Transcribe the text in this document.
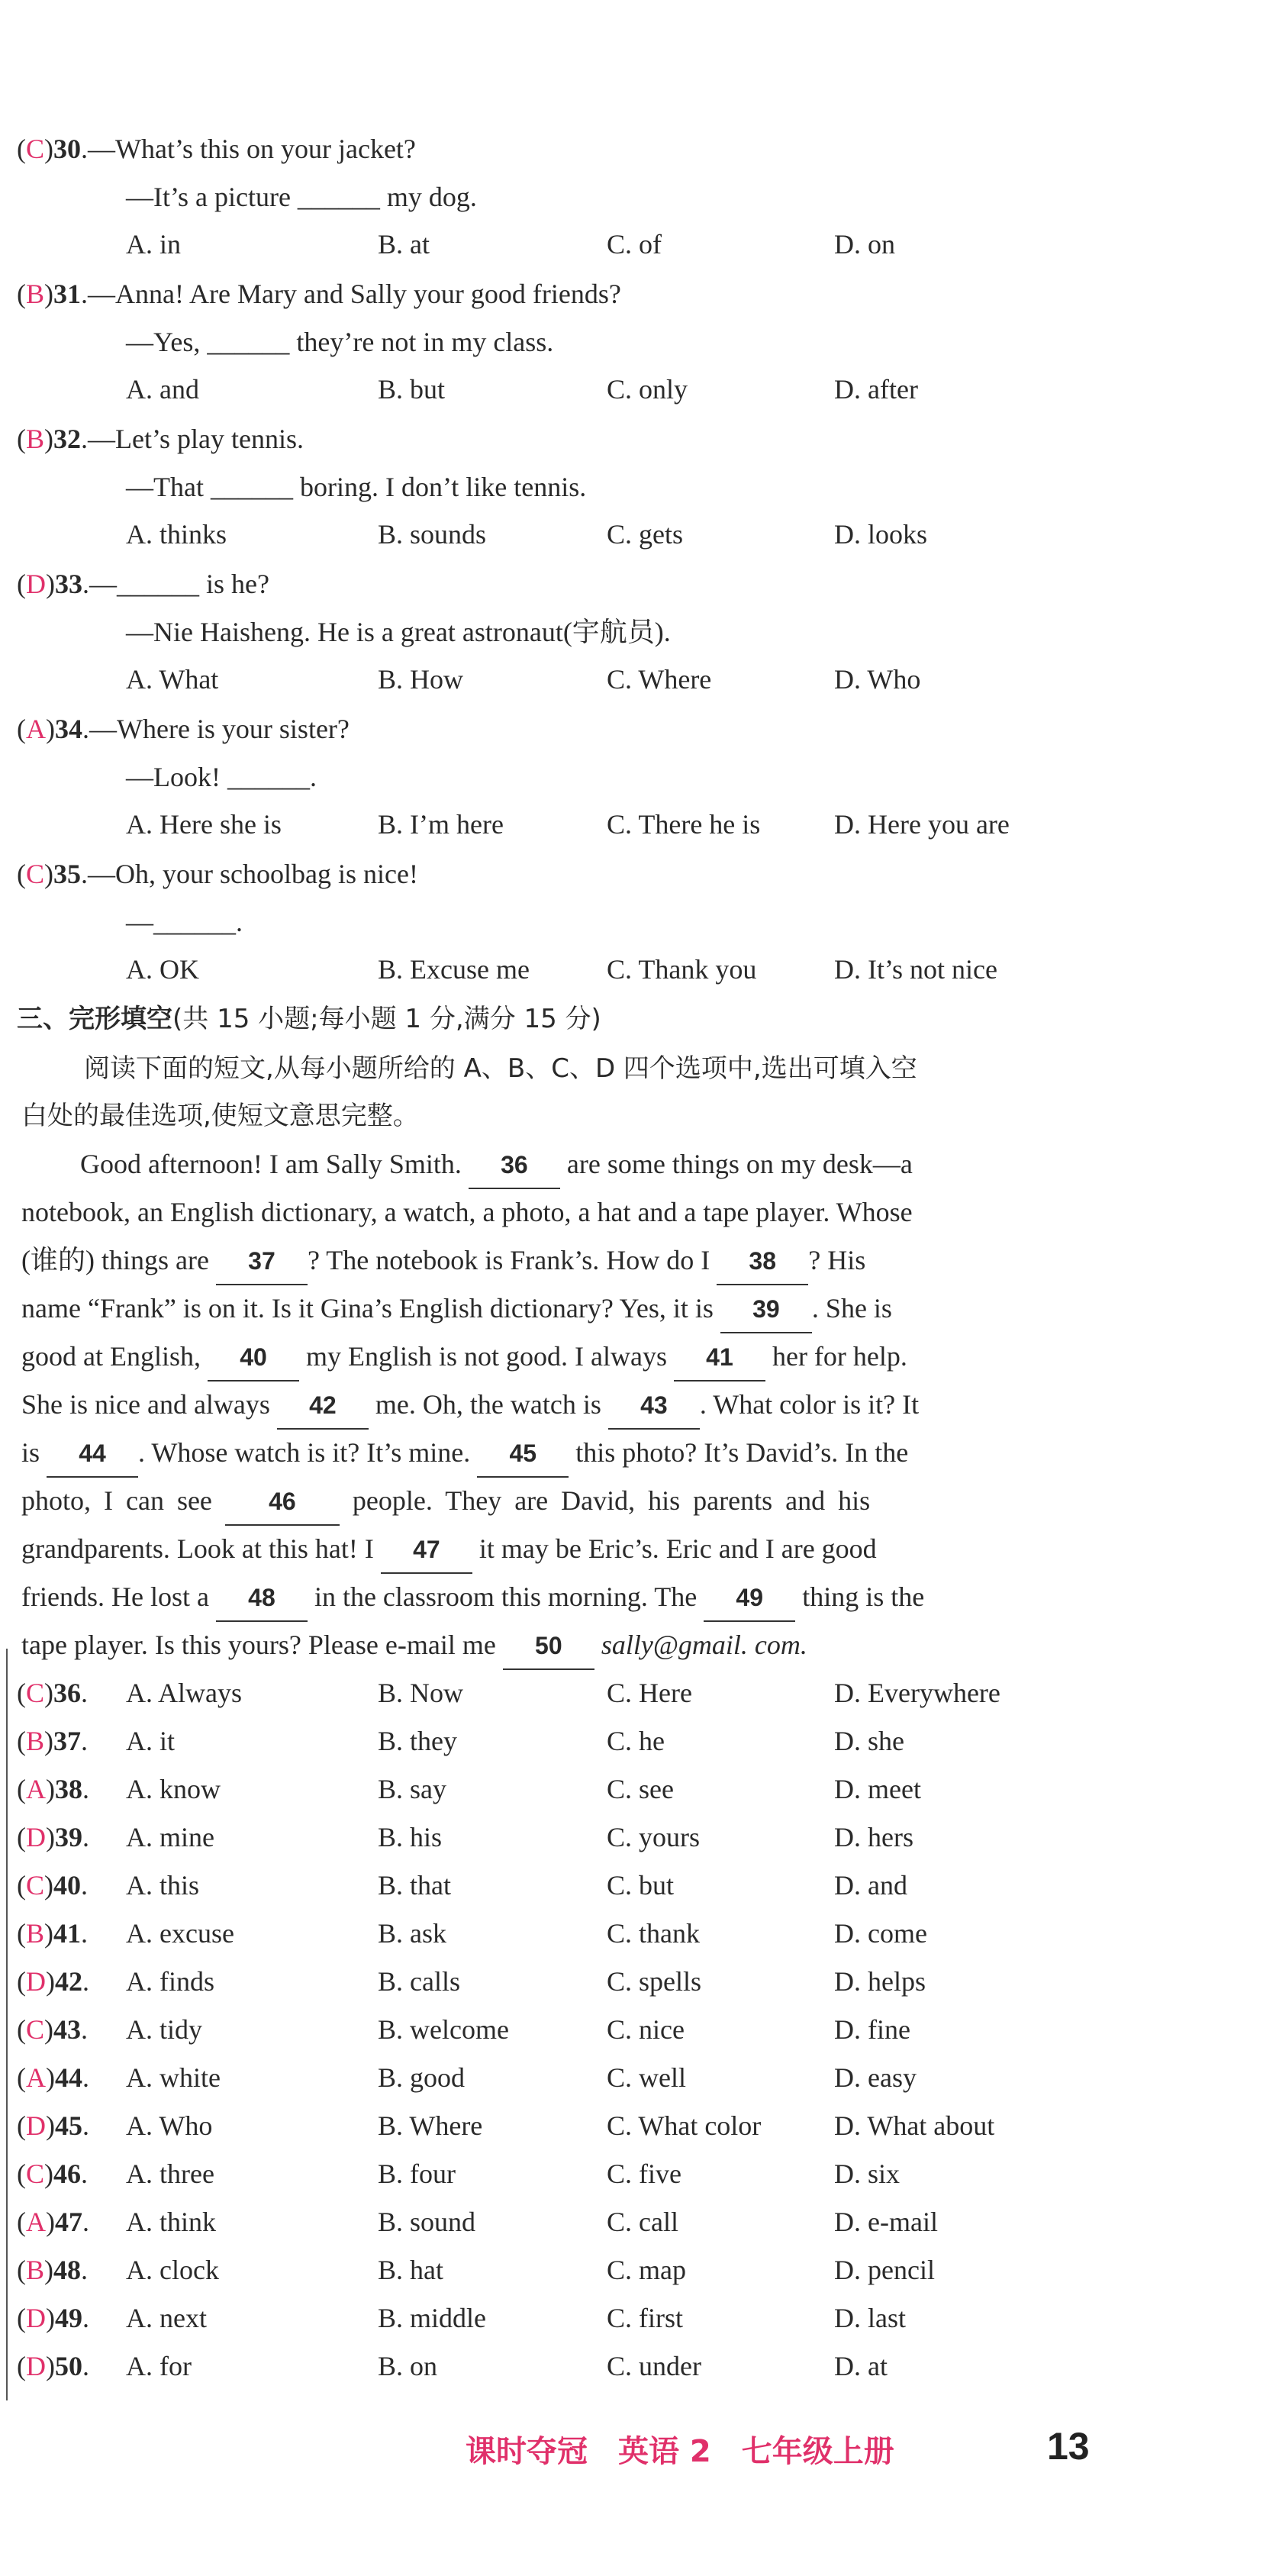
(C)30.—What’s this on your jacket?
—It’s a picture ______ my dog.
A. in	B. at	C. of	D. on
(B)31.—Anna! Are Mary and Sally your good friends?
—Yes, ______ they’re not in my class.
A. and	B. but	C. only	D. after
(B)32.—Let’s play tennis.
—That ______ boring. I don’t like tennis.
A. thinks	B. sounds	C. gets	D. looks
(D)33.—______ is he?
—Nie Haisheng. He is a great astronaut(宇航员).
A. What	B. How	C. Where	D. Who
(A)34.—Where is your sister?
—Look! ______.
A. Here she is	B. I’m here	C. There he is	D. Here you are
(C)35.—Oh, your schoolbag is nice!
—______.
A. OK	B. Excuse me	C. Thank you	D. It’s not nice
三、完形填空(共 15 小题;每小题 1 分,满分 15 分)
阅读下面的短文,从每小题所给的 A、B、C、D 四个选项中,选出可填入空
白处的最佳选项,使短文意思完整。
Good afternoon! I am Sally Smith. 36 are some things on my desk—a
notebook, an English dictionary, a watch, a photo, a hat and a tape player. Whose
(谁的) things are 37 ? The notebook is Frank’s. How do I 38 ? His
name “Frank” is on it. Is it Gina’s English dictionary? Yes, it is 39 . She is
good at English, 40 my English is not good. I always 41 her for help.
She is nice and always 42 me. Oh, the watch is 43 . What color is it? It
is 44 . Whose watch is it? It’s mine. 45 this photo? It’s David’s. In the
photo, I can see 46 people. They are David, his parents and his
grandparents. Look at this hat! I 47 it may be Eric’s. Eric and I are good
friends. He lost a 48 in the classroom this morning. The 49 thing is the
tape player. Is this yours? Please e-mail me 50 sally@gmail. com.
(C)36. A. Always	B. Now	C. Here	D. Everywhere
(B)37. A. it	B. they	C. he	D. she
(A)38. A. know	B. say	C. see	D. meet
(D)39. A. mine	B. his	C. yours	D. hers
(C)40. A. this	B. that	C. but	D. and
(B)41. A. excuse	B. ask	C. thank	D. come
(D)42. A. finds	B. calls	C. spells	D. helps
(C)43. A. tidy	B. welcome	C. nice	D. fine
(A)44. A. white	B. good	C. well	D. easy
(D)45. A. Who	B. Where	C. What color	D. What about
(C)46. A. three	B. four	C. five	D. six
(A)47. A. think	B. sound	C. call	D. e-mail
(B)48. A. clock	B. hat	C. map	D. pencil
(D)49. A. next	B. middle	C. first	D. last
(D)50. A. for	B. on	C. under	D. at
课时夺冠　英语 2　七年级上册	13
